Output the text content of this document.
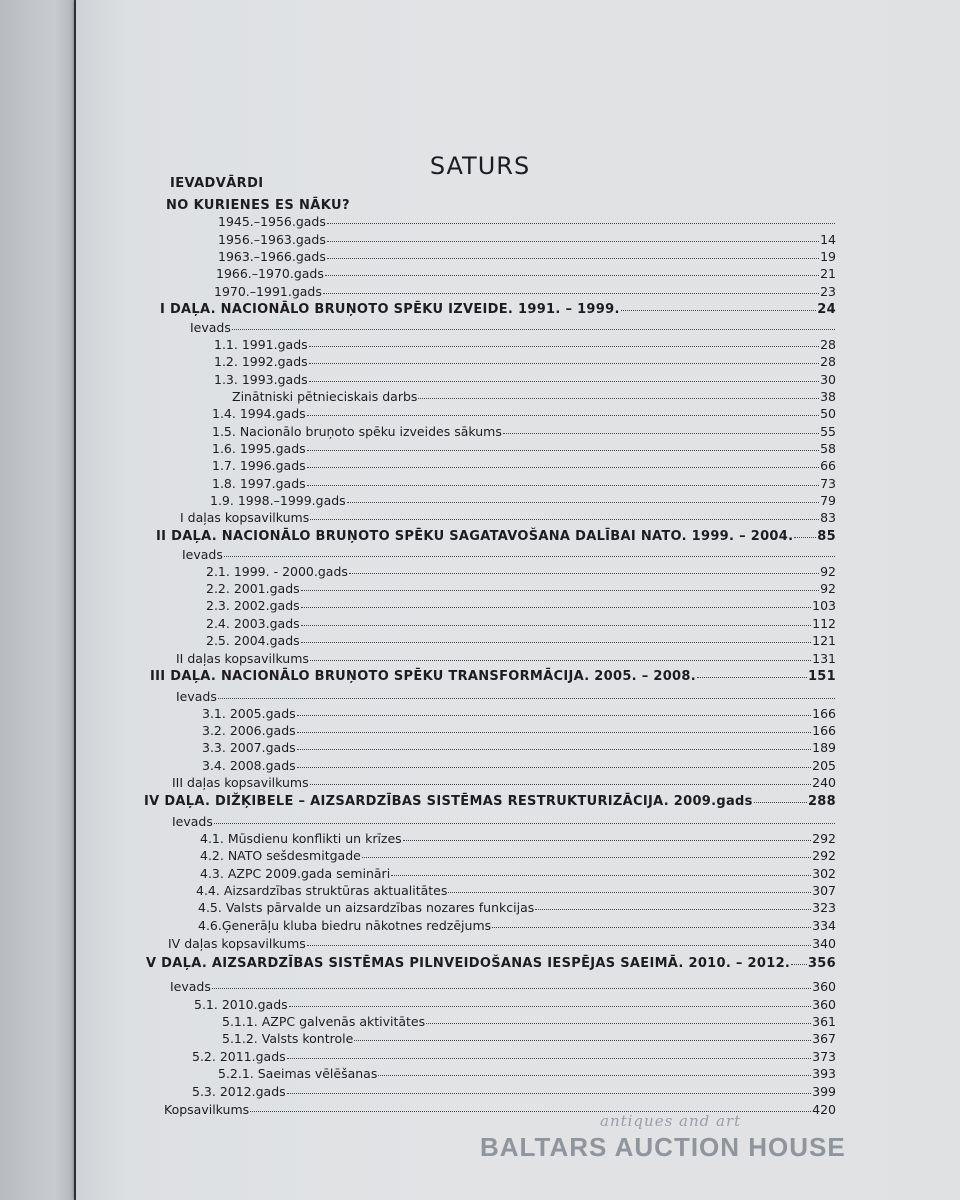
SATURS
IEVADVĀRDI
NO KURIENES ES NĀKU?
1945.–1956.gads
1956.–1963.gads	14
1963.–1966.gads	19
1966.–1970.gads	21
1970.–1991.gads	23
I DAĻA. NACIONĀLO BRUŅOTO SPĒKU IZVEIDE. 1991. – 1999.	24
Ievads
1.1. 1991.gads	28
1.2. 1992.gads	28
1.3. 1993.gads	30
Zinātniski pētnieciskais darbs	38
1.4. 1994.gads	50
1.5. Nacionālo bruņoto spēku izveides sākums	55
1.6. 1995.gads	58
1.7. 1996.gads	66
1.8. 1997.gads	73
1.9. 1998.–1999.gads	79
I daļas kopsavilkums	83
II DAĻA. NACIONĀLO BRUŅOTO SPĒKU SAGATAVOŠANA DALĪBAI NATO. 1999. – 2004. 85
Ievads
2.1. 1999. - 2000.gads	92
2.2. 2001.gads	92
2.3. 2002.gads	103
2.4. 2003.gads	112
2.5. 2004.gads	121
II daļas kopsavilkums	131
III DAĻA. NACIONĀLO BRUŅOTO SPĒKU TRANSFORMĀCIJA. 2005. – 2008.	151
Ievads
3.1. 2005.gads	166
3.2. 2006.gads	166
3.3. 2007.gads	189
3.4. 2008.gads	205
III daļas kopsavilkums	240
IV DAĻA. DIŽĶIBELE – AIZSARDZĪBAS SISTĒMAS RESTRUKTURIZĀCIJA. 2009.gads	288
Ievads
4.1. Mūsdienu konflikti un krīzes	292
4.2. NATO sešdesmitgade	292
4.3. AZPC 2009.gada semināri	302
4.4. Aizsardzības struktūras aktualitātes	307
4.5. Valsts pārvalde un aizsardzības nozares funkcijas	323
4.6.Ģenerāļu kluba biedru nākotnes redzējums	334
IV daļas kopsavilkums	340
V DAĻA. AIZSARDZĪBAS SISTĒMAS PILNVEIDOŠANAS IESPĒJAS SAEIMĀ. 2010. – 2012. 356
Ievads	360
5.1. 2010.gads	360
5.1.1. AZPC galvenās aktivitātes	361
5.1.2. Valsts kontrole	367
5.2. 2011.gads	373
5.2.1. Saeimas vēlēšanas	393
5.3. 2012.gads	399
Kopsavilkums	420
antiques and art
BALTARS AUCTION HOUSE
